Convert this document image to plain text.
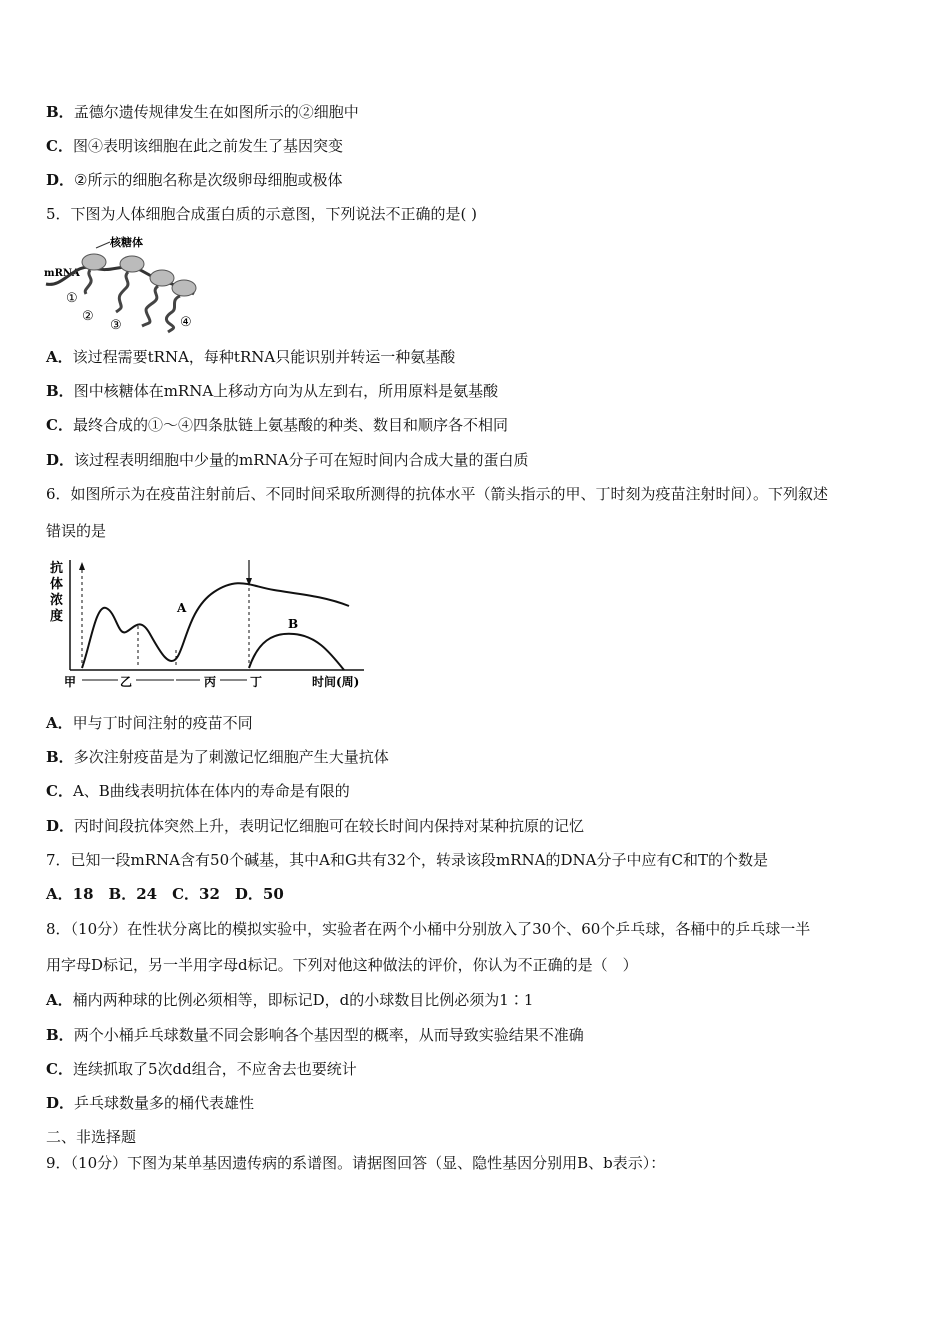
B．孟德尔遗传规律发生在如图所示的②细胞中
C．图④表明该细胞在此之前发生了基因突变
D．②所示的细胞名称是次级卵母细胞或极体
5．下图为人体细胞合成蛋白质的示意图，下列说法不正确的是( )
核糖体
mRNA
①
②
③	④
A．该过程需要tRNA，每种tRNA只能识别并转运一种氨基酸
B．图中核糖体在mRNA上移动方向为从左到右，所用原料是氨基酸
C．最终合成的①～④四条肽链上氨基酸的种类、数目和顺序各不相同
D．该过程表明细胞中少量的mRNA分子可在短时间内合成大量的蛋白质
6．如图所示为在疫苗注射前后、不同时间采取所测得的抗体水平（箭头指示的甲、丁时刻为疫苗注射时间）。下列叙述
错误的是
抗
体
浓
度
A
B
甲	乙	丙	丁	时间(周)
A．甲与丁时间注射的疫苗不同
B．多次注射疫苗是为了刺激记忆细胞产生大量抗体
C．A、B曲线表明抗体在体内的寿命是有限的
D．丙时间段抗体突然上升，表明记忆细胞可在较长时间内保持对某种抗原的记忆
7．已知一段mRNA含有50个碱基，其中A和G共有32个，转录该段mRNA的DNA分子中应有C和T的个数是
A．18　B．24　C．32　D．50
8．（10分）在性状分离比的模拟实验中，实验者在两个小桶中分别放入了30个、60个乒乓球，各桶中的乒乓球一半
用字母D标记，另一半用字母d标记。下列对他这种做法的评价，你认为不正确的是（　）
A．桶内两种球的比例必须相等，即标记D，d的小球数目比例必须为1∶1
B．两个小桶乒乓球数量不同会影响各个基因型的概率，从而导致实验结果不准确
C．连续抓取了5次dd组合，不应舍去也要统计
D．乒乓球数量多的桶代表雄性
二、非选择题
9．（10分）下图为某单基因遗传病的系谱图。请据图回答（显、隐性基因分别用B、b表示）：
